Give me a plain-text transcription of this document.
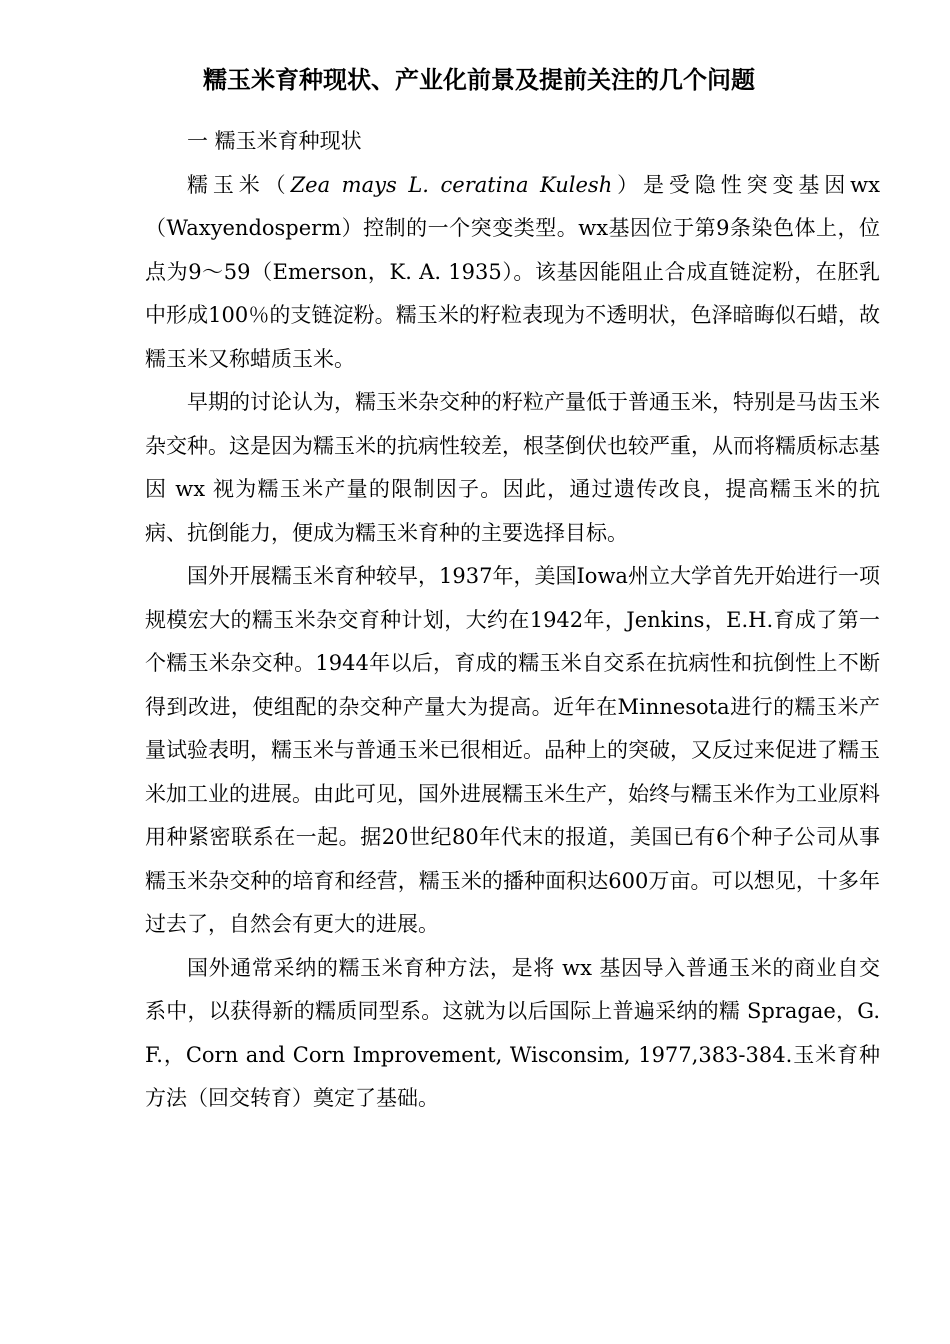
糯玉米育种现状、产业化前景及提前关注的几个问题

一 糯玉米育种现状

糯玉米（Zea mays L. ceratina Kulesh）是受隐性突变基因wx（Waxyendosperm）控制的一个突变类型。wx基因位于第9条染色体上，位点为9～59（Emerson，K. A. 1935）。该基因能阻止合成直链淀粉，在胚乳中形成100％的支链淀粉。糯玉米的籽粒表现为不透明状，色泽暗晦似石蜡，故糯玉米又称蜡质玉米。

早期的讨论认为，糯玉米杂交种的籽粒产量低于普通玉米，特别是马齿玉米杂交种。这是因为糯玉米的抗病性较差，根茎倒伏也较严重，从而将糯质标志基因 wx 视为糯玉米产量的限制因子。因此，通过遗传改良，提高糯玉米的抗病、抗倒能力，便成为糯玉米育种的主要选择目标。

国外开展糯玉米育种较早，1937年，美国Iowa州立大学首先开始进行一项规模宏大的糯玉米杂交育种计划，大约在1942年，Jenkins，E.H.育成了第一个糯玉米杂交种。1944年以后，育成的糯玉米自交系在抗病性和抗倒性上不断得到改进，使组配的杂交种产量大为提高。近年在Minnesota进行的糯玉米产量试验表明，糯玉米与普通玉米已很相近。品种上的突破，又反过来促进了糯玉米加工业的进展。由此可见，国外进展糯玉米生产，始终与糯玉米作为工业原料用种紧密联系在一起。据20世纪80年代末的报道，美国已有6个种子公司从事糯玉米杂交种的培育和经营，糯玉米的播种面积达600万亩。可以想见，十多年过去了，自然会有更大的进展。

国外通常采纳的糯玉米育种方法，是将 wx 基因导入普通玉米的商业自交系中，以获得新的糯质同型系。这就为以后国际上普遍采纳的糯 Spragae，G. F.，Corn and Corn Improvement, Wisconsim, 1977,383-384.玉米育种方法（回交转育）奠定了基础。
